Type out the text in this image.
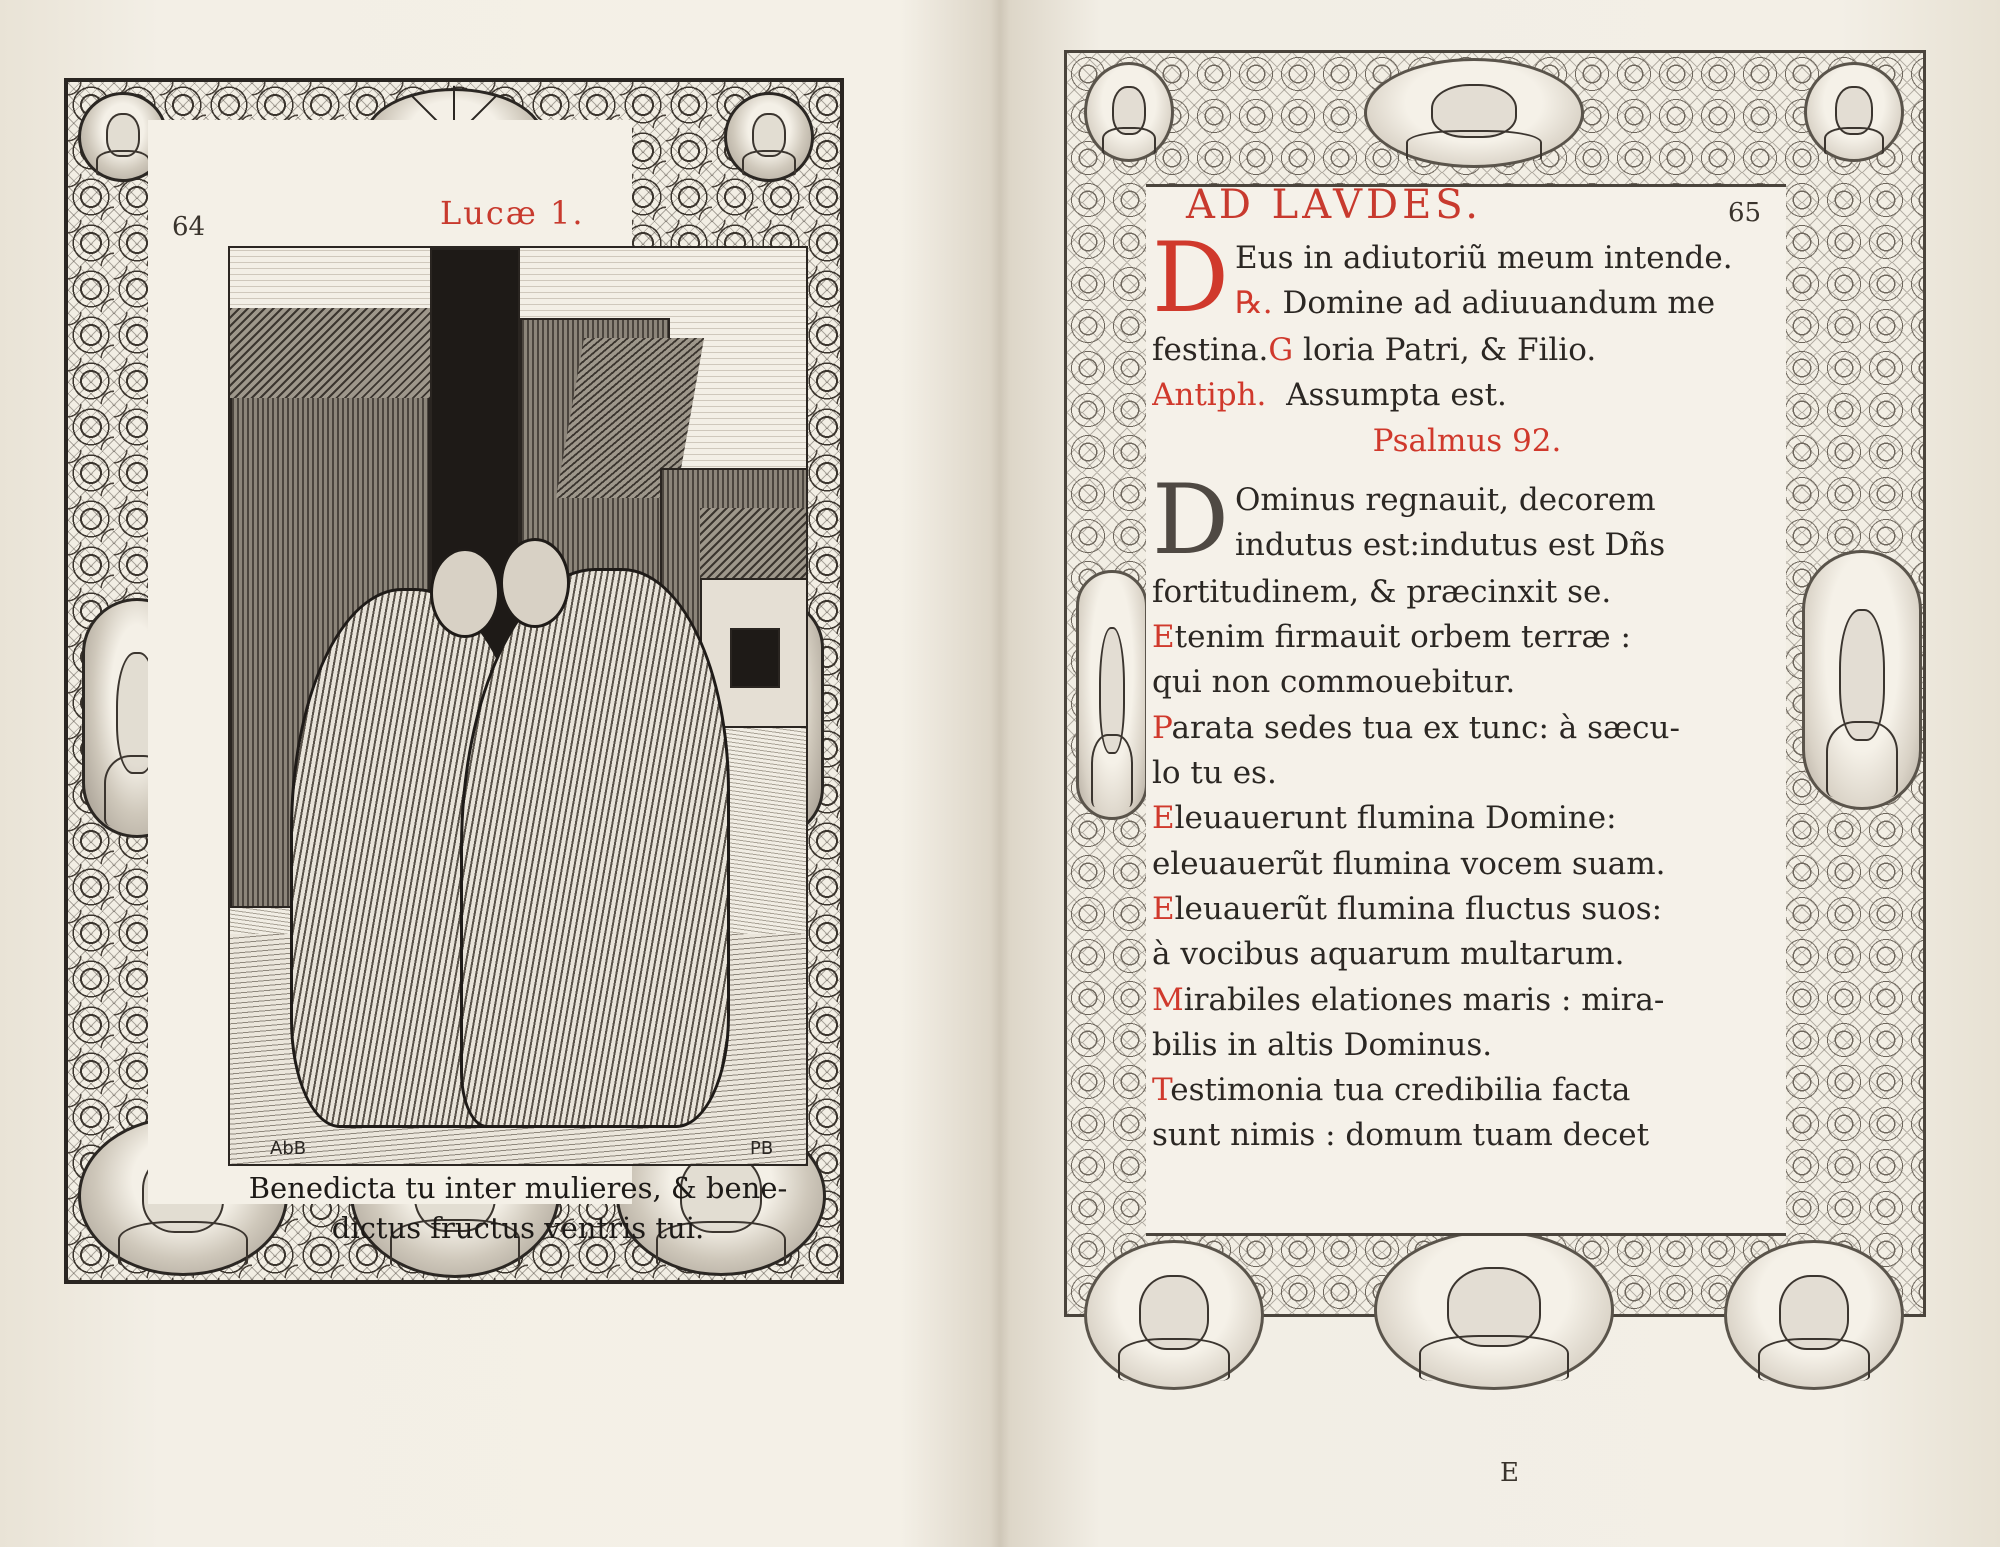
64	Lucæ 1.
AbB	PB
Benedicta tu inter mulieres, & bene-
dictus fructus ventris tui.
AD LAVDES.	65
D Eus in adiutoriũ meum intende.
℞. Domine ad adiuuandum me
festina.G loria Patri, & Filio.
Antiph. Assumpta est.
Psalmus 92.
D Ominus regnauit, decorem
indutus est:indutus est Dñs
fortitudinem, & præcinxit se.
Etenim firmauit orbem terræ :
qui non commouebitur.
Parata sedes tua ex tunc: à sæcu-
lo tu es.
Eleuauerunt flumina Domine:
eleuauerũt flumina vocem suam.
Eleuauerũt flumina fluctus suos:
à vocibus aquarum multarum.
Mirabiles elationes maris : mira-
bilis in altis Dominus.
Testimonia tua credibilia facta
sunt nimis : domum tuam decet
E
